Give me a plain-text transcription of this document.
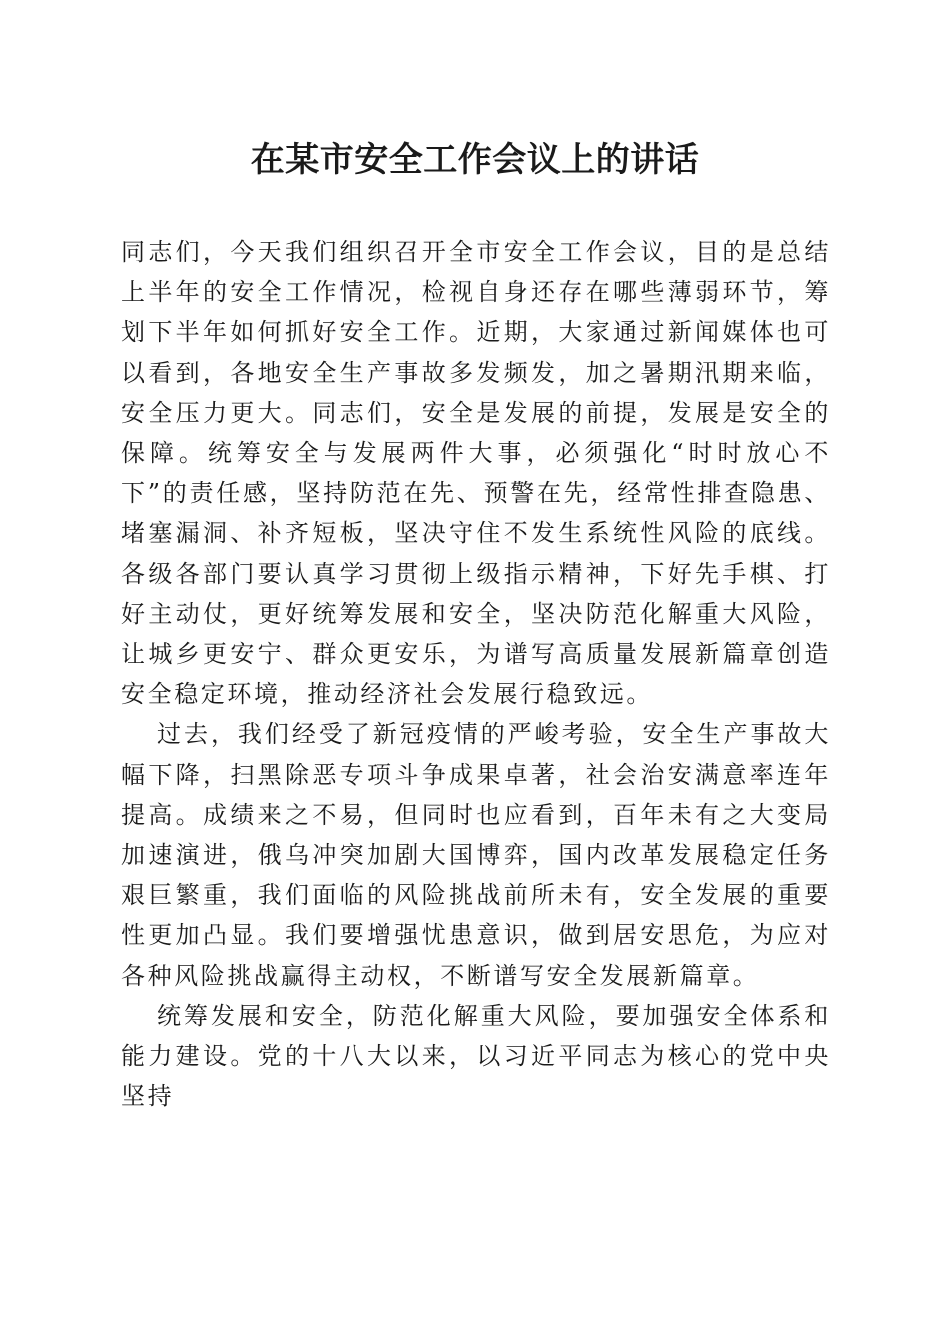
在某市安全工作会议上的讲话

同志们，今天我们组织召开全市安全工作会议，目的是总结上半年的安全工作情况，检视自身还存在哪些薄弱环节，筹划下半年如何抓好安全工作。近期，大家通过新闻媒体也可以看到，各地安全生产事故多发频发，加之暑期汛期来临，安全压力更大。同志们，安全是发展的前提，发展是安全的保障。统筹安全与发展两件大事，必须强化“时时放心不下”的责任感，坚持防范在先、预警在先，经常性排查隐患、堵塞漏洞、补齐短板，坚决守住不发生系统性风险的底线。各级各部门要认真学习贯彻上级指示精神，下好先手棋、打好主动仗，更好统筹发展和安全，坚决防范化解重大风险，让城乡更安宁、群众更安乐，为谱写高质量发展新篇章创造安全稳定环境，推动经济社会发展行稳致远。

过去，我们经受了新冠疫情的严峻考验，安全生产事故大幅下降，扫黑除恶专项斗争成果卓著，社会治安满意率连年提高。成绩来之不易，但同时也应看到，百年未有之大变局加速演进，俄乌冲突加剧大国博弈，国内改革发展稳定任务艰巨繁重，我们面临的风险挑战前所未有，安全发展的重要性更加凸显。我们要增强忧患意识，做到居安思危，为应对各种风险挑战赢得主动权，不断谱写安全发展新篇章。

统筹发展和安全，防范化解重大风险，要加强安全体系和能力建设。党的十八大以来，以习近平同志为核心的党中央坚持
